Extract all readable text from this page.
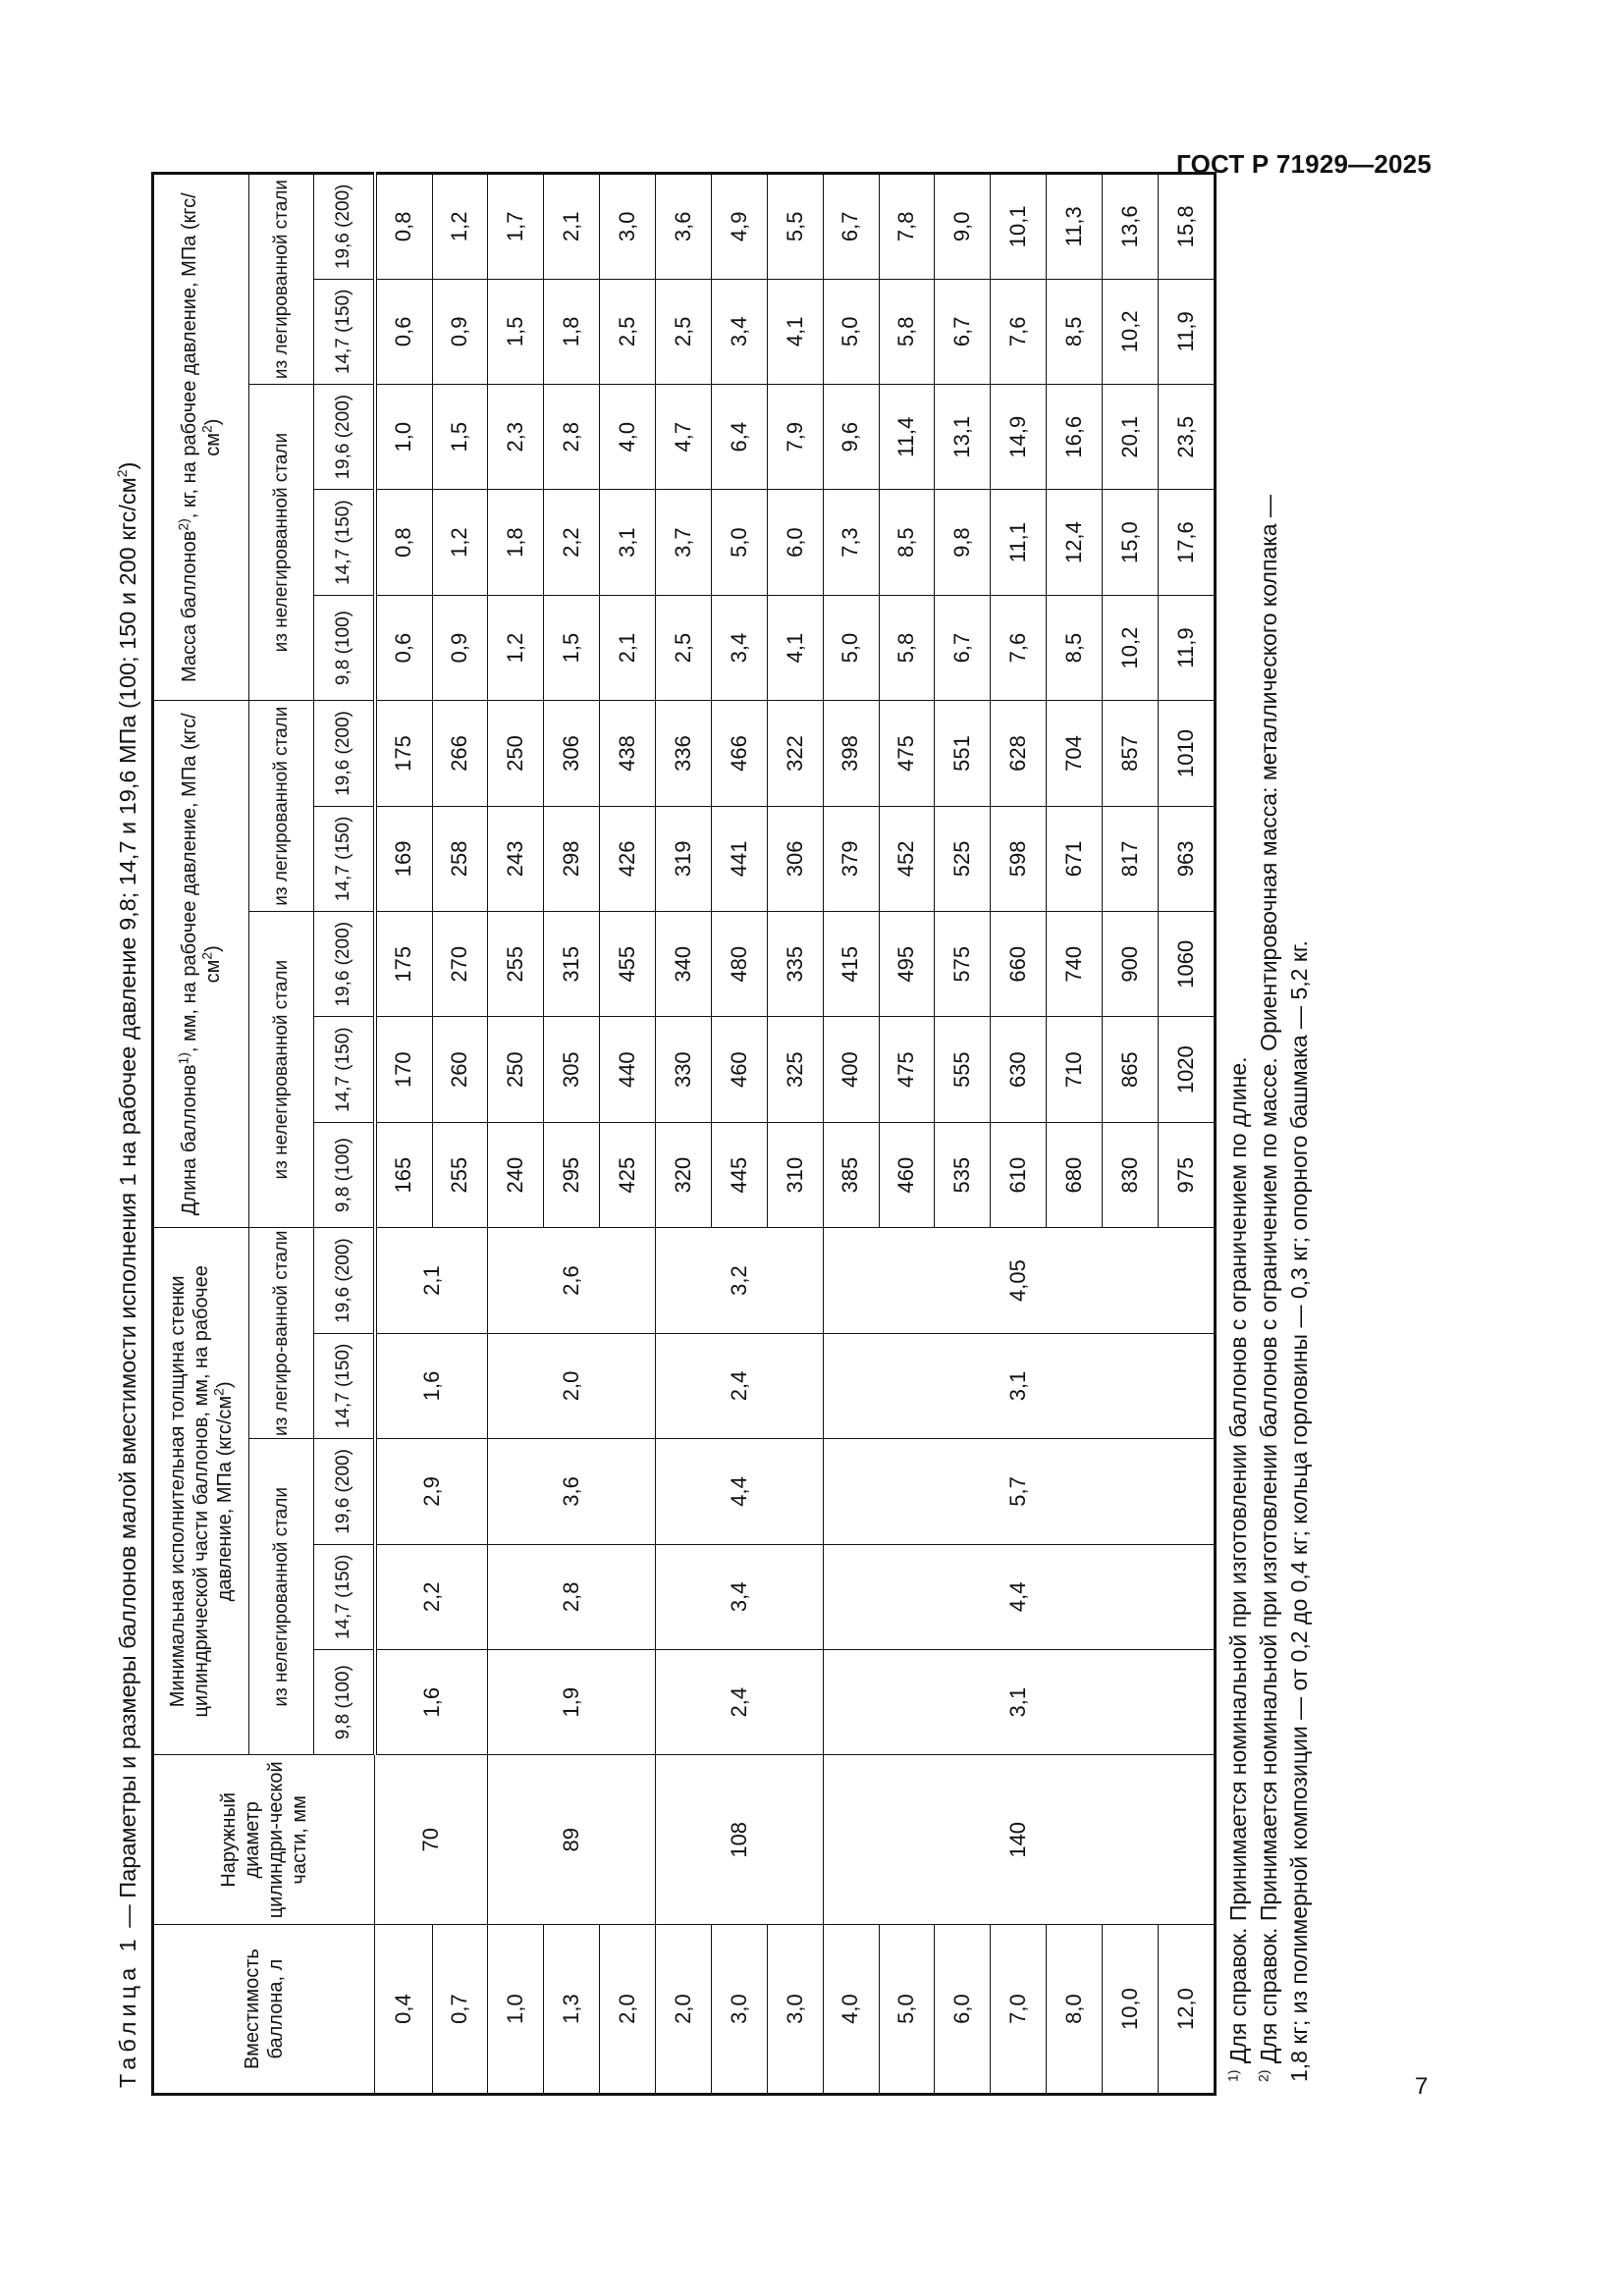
ГОСТ Р 71929—2025
7
Таблица 1 — Параметры и размеры баллонов малой вместимости исполнения 1 на рабочее давление 9,8; 14,7 и 19,6 МПа (100; 150 и 200 кгс/$см^2$)
Вместимость баллона, л	Наружный диаметр цилиндри-ческой части, мм	Минимальная исполнительная толщина стенки цилиндрической части баллонов, мм, на рабочее давление, МПа $(кгс/см^2)$					Длина баллонов$^{1)}$, мм, на рабочее давление, МПа $(кгс/см^2)$					Масса баллонов$^{2)}$, кг, на рабочее давление, МПа $(кгс/см^2)$				
		из нелегированной стали			из легиро-ванной стали		из нелегированной стали			из легированной стали		из нелегированной стали			из легированной стали	
		9,8 (100)	14,7 (150)	19,6 (200)	14,7 (150)	19,6 (200)	9,8 (100)	14,7 (150)	19,6 (200)	14,7 (150)	19,6 (200)	9,8 (100)	14,7 (150)	19,6 (200)	14,7 (150)	19,6 (200)
0,4	70	1,6	2,2	2,9	1,6	2,1	165	170	175	169	175	0,6	0,8	1,0	0,6	0,8
0,7							255	260	270	258	266	0,9	1,2	1,5	0,9	1,2
1,0	89	1,9	2,8	3,6	2,0	2,6	240	250	255	243	250	1,2	1,8	2,3	1,5	1,7
1,3							295	305	315	298	306	1,5	2,2	2,8	1,8	2,1
2,0							425	440	455	426	438	2,1	3,1	4,0	2,5	3,0
2,0	108	2,4	3,4	4,4	2,4	3,2	320	330	340	319	336	2,5	3,7	4,7	2,5	3,6
3,0							445	460	480	441	466	3,4	5,0	6,4	3,4	4,9
3,0							310	325	335	306	322	4,1	6,0	7,9	4,1	5,5
4,0	140	3,1	4,4	5,7	3,1	4,05	385	400	415	379	398	5,0	7,3	9,6	5,0	6,7
5,0							460	475	495	452	475	5,8	8,5	11,4	5,8	7,8
6,0							535	555	575	525	551	6,7	9,8	13,1	6,7	9,0
7,0							610	630	660	598	628	7,6	11,1	14,9	7,6	10,1
8,0							680	710	740	671	704	8,5	12,4	16,6	8,5	11,3
10,0							830	865	900	817	857	10,2	15,0	20,1	10,2	13,6
12,0							975	1020	1060	963	1010	11,9	17,6	23,5	11,9	15,8

$^{1)}$ Для справок. Принимается номинальной при изготовлении баллонов с ограничением по длине.

$^{2)}$ Для справок. Принимается номинальной при изготовлении баллонов с ограничением по массе. Ориентировочная масса: металлического колпака — 1,8 кг; из полимерной композиции — от 0,2 до 0,4 кг; кольца горловины — 0,3 кг; опорного башмака — 5,2 кг.
